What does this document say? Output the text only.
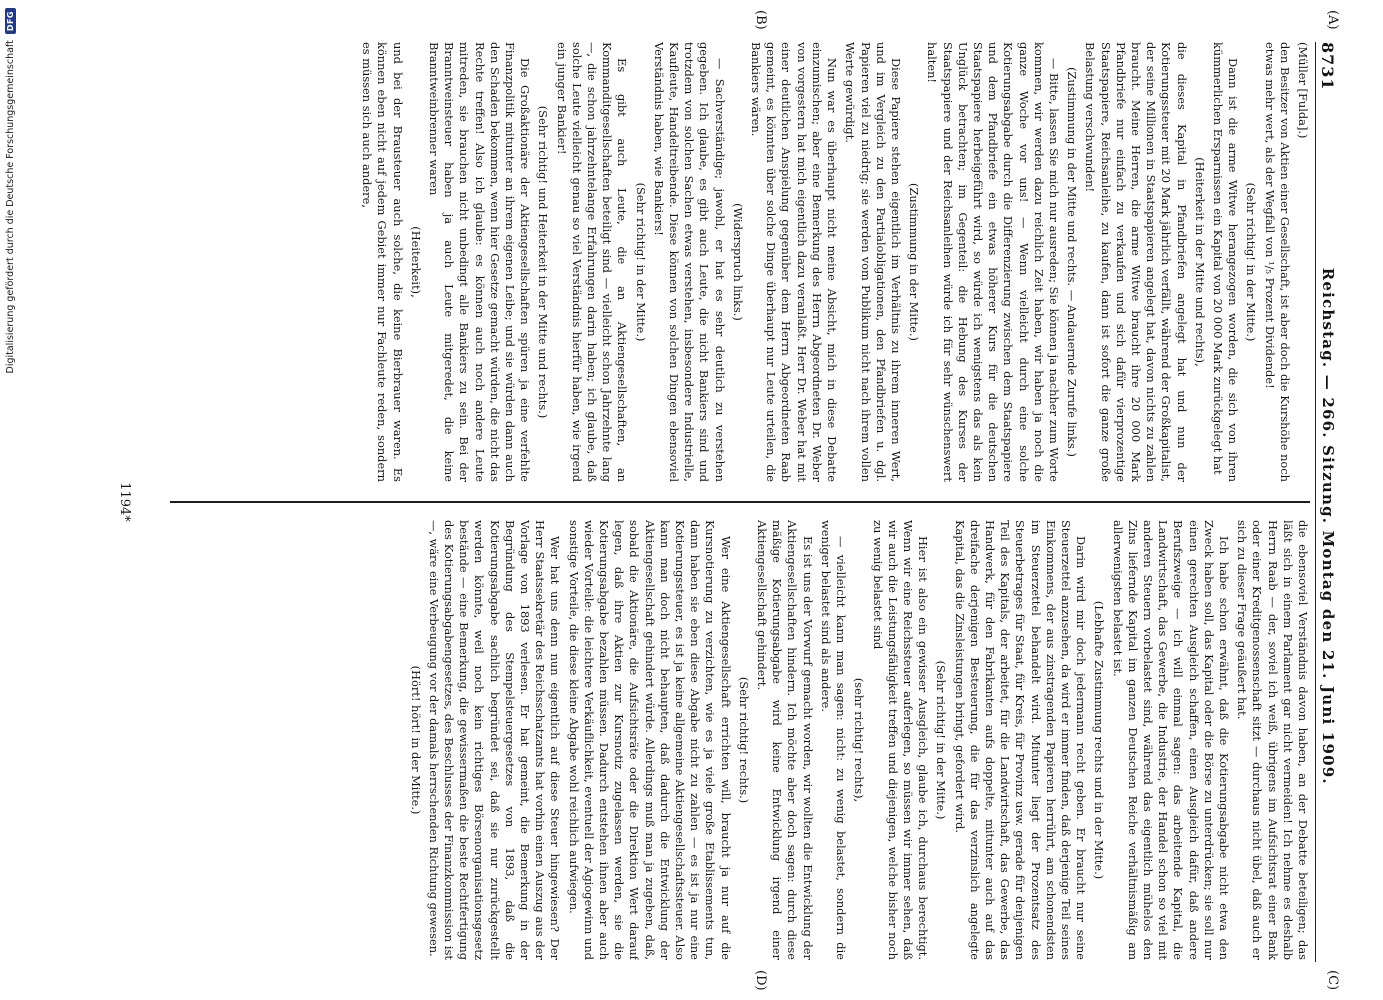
8731
Reichstag. — 266. Sitzung. Montag den 21. Juni 1909.
(A)
(B)
(C)
(D)

(Müller [Fulda].)

den Besitzer von Aktien einer Gesellschaft, ist aber doch die Kurshöhe noch etwas mehr wert, als der Wegfall von ¹/₅ Prozent Dividende!

(Sehr richtig! in der Mitte.)

Dann ist die arme Witwe herangezogen worden, die sich von ihren kümmerlichen Ersparnissen ein Kapital von 20 000 Mark zurückgelegt hat

(Heiterkeit in der Mitte und rechts),

die dieses Kapital in Pfandbriefen angelegt hat und nun der Kotierungssteuer mit 20 Mark jährlich verfällt, während der Großkapitalist, der seine Millionen in Staatspapieren angelegt hat, davon nichts zu zahlen braucht. Meine Herren, die arme Witwe braucht ihre 20 000 Mark Pfandbriefe nur einfach zu verkaufen und sich dafür vierprozentige Staatspapiere, Reichsanleihe, zu kaufen, dann ist sofort die ganze große Belastung verschwunden!

(Zustimmung in der Mitte und rechts. — Andauernde Zurufe links.)

— Bitte, lassen Sie mich nur ausreden; Sie können ja nachher zum Worte kommen, wir werden dazu reichlich Zeit haben, wir haben ja noch die ganze Woche vor uns! — Wenn vielleicht durch eine solche Kotierungsabgabe durch die Differenzierung zwischen dem Staatspapiere und dem Pfandbriefe ein etwas höherer Kurs für die deutschen Staatspapiere herbeigeführt wird, so würde ich wenigstens das als kein Unglück betrachten; im Gegenteil: die Hebung des Kurses der Staatspapiere und der Reichsanleihen würde ich für sehr wünschenswert halten!

(Zustimmung in der Mitte.)

Diese Papiere stehen eigentlich im Verhältnis zu ihrem inneren Wert, und im Vergleich zu den Partialobligationen, den Pfandbriefen u. dgl. Papieren viel zu niedrig; sie werden vom Publikum nicht nach ihrem vollen Werte gewürdigt.

Nun war es überhaupt nicht meine Absicht, mich in diese Debatte einzumischen; aber eine Bemerkung des Herrn Abgeordneten Dr. Weber von vorgestern hat mich eigentlich dazu veranlaßt. Herr Dr. Weber hat mit einer deutlichen Anspielung gegenüber dem Herrn Abgeordneten Raab gemeint, es könnten über solche Dinge überhaupt nur Leute urteilen, die Bankiers wären.

(Widerspruch links.)

— Sachverständige; jawohl, er hat es sehr deutlich zu verstehen gegeben. Ich glaube, es gibt auch Leute, die nicht Bankiers sind und trotzdem von solchen Sachen etwas verstehen, insbesondere Industrielle, Kaufleute, Handeltreibende. Diese können von solchen Dingen ebensoviel Verständnis haben, wie Bankiers!

(Sehr richtig! in der Mitte.)

Es gibt auch Leute, die an Aktiengesellschaften, an Kommanditgesellschaften beteiligt sind — vielleicht schon Jahrzehnte lang —, die schon jahrzehntelange Erfahrungen darin haben; ich glaube, daß solche Leute vielleicht genau so viel Verständnis hierfür haben, wie irgend ein junger Bankier!

(Sehr richtig! und Heiterkeit in der Mitte und rechts.)

Die Großaktionäre der Aktiengesellschaften spüren ja eine verfehlte Finanzpolitik mitunter an ihrem eigenen Leibe; und sie würden dann auch den Schaden bekommen, wenn hier Gesetze gemacht würden, die nicht das Rechte treffen! Also ich glaube: es können auch noch andere Leute mitreden, sie brauchen nicht unbedingt alle Bankiers zu sein. Bei der Branntweinsteuer haben ja auch Leute mitgeredet, die keine Branntweinbrenner waren

(Heiterkeit),

und bei der Brausteuer auch solche, die keine Bierbrauer waren. Es können eben nicht auf jedem Gebiet immer nur Fachleute reden, sondern es müssen sich auch andere,

die ebensoviel Verständnis davon haben, an der Debatte beteiligen; das läßt sich in einem Parlament gar nicht vermeiden! Ich nehme es deshalb Herrn Raab — der, soviel ich weiß, übrigens im Aufsichtsrat einer Bank oder einer Kreditgenossenschaft sitzt — durchaus nicht übel, daß auch er sich zu dieser Frage geäußert hat.

Ich habe schon erwähnt, daß die Kotierungsabgabe nicht etwa den Zweck haben soll, das Kapital oder die Börse zu unterdrücken; sie soll nur einen gerechten Ausgleich schaffen, einen Ausgleich dafür, daß andere Berufszweige — ich will einmal sagen: das arbeitende Kapital, die Landwirtschaft, das Gewerbe, die Industrie, der Handel schon so viel mit anderen Steuern vorbelastet sind, während das eigentlich mühelos den Zins liefernde Kapital im ganzen Deutschen Reiche verhältnismäßig am allerwenigsten belastet ist.

(Lebhafte Zustimmung rechts und in der Mitte.)

Darin wird mir doch jedermann recht geben. Er braucht nur seine Steuerzettel anzusehen, da wird er immer finden, daß derjenige Teil seines Einkommens, der aus zinstragenden Papieren herrührt, am schonendsten im Steuerzettel behandelt wird. Mitunter liegt der Prozentsatz des Steuerbetrages für Staat, für Kreis, für Provinz usw. gerade für denjenigen Teil des Kapitals, der arbeitet, für die Landwirtschaft, das Gewerbe, das Handwerk, für den Fabrikanten aufs doppelte, mitunter auch auf das dreifache derjenigen Besteuerung, die für das verzinslich angelegte Kapital, das die Zinsleistungen bringt, gefordert wird.

(Sehr richtig! in der Mitte.)

Hier ist also ein gewisser Ausgleich, glaube ich, durchaus berechtigt. Wenn wir eine Reichssteuer auferlegen, so müssen wir immer sehen, daß wir auch die Leistungsfähigkeit treffen und diejenigen, welche bisher noch zu wenig belastet sind

(sehr richtig! rechts),

— vielleicht kann man sagen: nicht: zu wenig belastet, sondern die weniger belastet sind als andere.

Es ist uns der Vorwurf gemacht worden, wir wollten die Entwicklung der Aktiengesellschaften hindern. Ich möchte aber doch sagen: durch diese mäßige Kotierungsabgabe wird keine Entwicklung irgend einer Aktiengesellschaft gehindert.

(Sehr richtig! rechts.)

Wer eine Aktiengesellschaft errichten will, braucht ja nur auf die Kursnotierung zu verzichten, wie es ja viele große Etablissements tun, dann haben sie eben diese Abgabe nicht zu zahlen — es ist ja nur eine Kotierungssteuer, es ist ja keine allgemeine Aktiengesellschaftssteuer. Also kann man doch nicht behaupten, daß dadurch die Entwicklung der Aktiengesellschaft gehindert würde. Allerdings muß man ja zugeben, daß, sobald die Aktionäre, die Aufsichtsräte oder die Direktion Wert darauf legen, daß ihre Aktien zur Kursnotiz zugelassen werden, sie die Kotierungsabgabe bezahlen müssen. Dadurch entstehen ihnen aber auch wieder Vorteile: die leichtere Verkäuflichkeit, eventuell der Agiogewinn und sonstige Vorteile, die diese kleine Abgabe wohl reichlich aufwiegen.

Wer hat uns denn nun eigentlich auf diese Steuer hingewiesen? Der Herr Staatssekretär des Reichsschatzamts hat vorhin einen Auszug aus der Vorlage von 1893 verlesen. Er hat gemeint, die Bemerkung in der Begründung des Stempelsteuergesetzes von 1893, daß die Kotierungsabgabe sachlich begründet sei, daß sie nur zurückgestellt werden könnte, weil noch kein richtiges Börsenorganisationsgesetz bestände — eine Bemerkung, die gewissermaßen die beste Rechtfertigung des Kotierungsabgabengesetzes, des Beschlusses der Finanzkommission ist —, wäre eine Verbeugung vor der damals herrschenden Richtung gewesen.

(Hört! hört! in der Mitte.)

1194*
Digitalisierung gefördert durch die Deutsche Forschungsgemeinschaft
DFG
